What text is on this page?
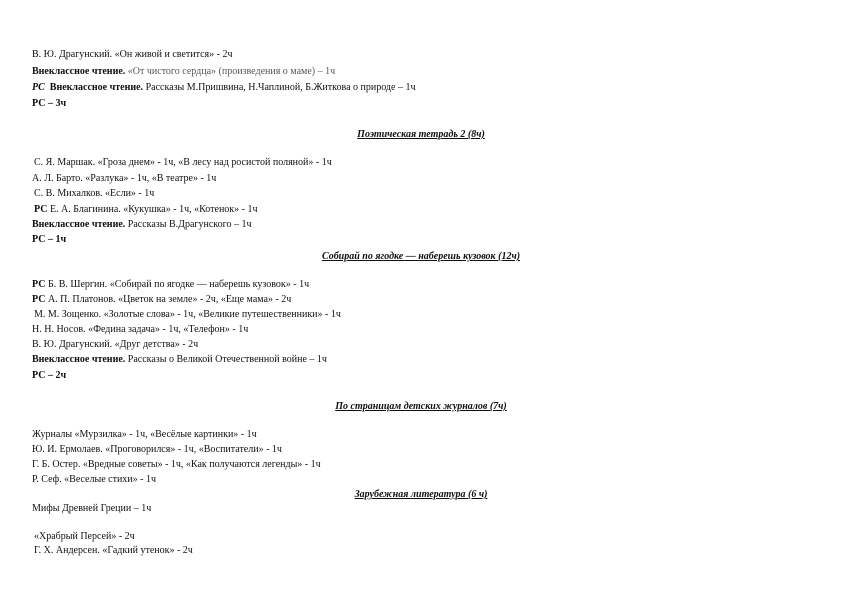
В. Ю. Драгунский. «Он живой и светится» - 2ч
Внеклассное чтение. «От чистого сердца» (произведения о маме) – 1ч
РС Внеклассное чтение. Рассказы М.Пришвина, Н.Чаплиной, Б.Житкова о природе – 1ч
РС – 3ч
Поэтическая тетрадь 2 (8ч)
С. Я. Маршак. «Гроза днем» - 1ч, «В лесу над росистой поляной» - 1ч
А. Л. Барто. «Разлука» - 1ч, «В театре» - 1ч
С. В. Михалков. «Если» - 1ч
РС Е. А. Благинина. «Кукушка» - 1ч, «Котенок» - 1ч
Внеклассное чтение. Рассказы В.Драгунского – 1ч
РС – 1ч
Собирай по ягодке — наберешь кузовок (12ч)
РС Б. В. Шергин. «Собирай по ягодке — наберешь кузовок» - 1ч
РС А. П. Платонов. «Цветок на земле» - 2ч, «Еще мама» - 2ч
М. М. Зощенко. «Золотые слова» - 1ч, «Великие путешественники» - 1ч
Н. Н. Носов. «Федина задача» - 1ч, «Телефон» - 1ч
В. Ю. Драгунский. «Друг детства» - 2ч
Внеклассное чтение. Рассказы о Великой Отечественной войне – 1ч
РС – 2ч
По страницам детских журналов (7ч)
Журналы «Мурзилка» - 1ч, «Весёлые картинки» - 1ч
Ю. И. Ермолаев. «Проговорился» - 1ч, «Воспитатели» - 1ч
Г. Б. Остер. «Вредные советы» - 1ч, «Как получаются легенды» - 1ч
Р. Сеф. «Веселые стихи» - 1ч
Зарубежная литература (6 ч)
Мифы Древней Греции – 1ч
«Храбрый Персей» - 2ч
Г. Х. Андерсен. «Гадкий утенок» - 2ч
